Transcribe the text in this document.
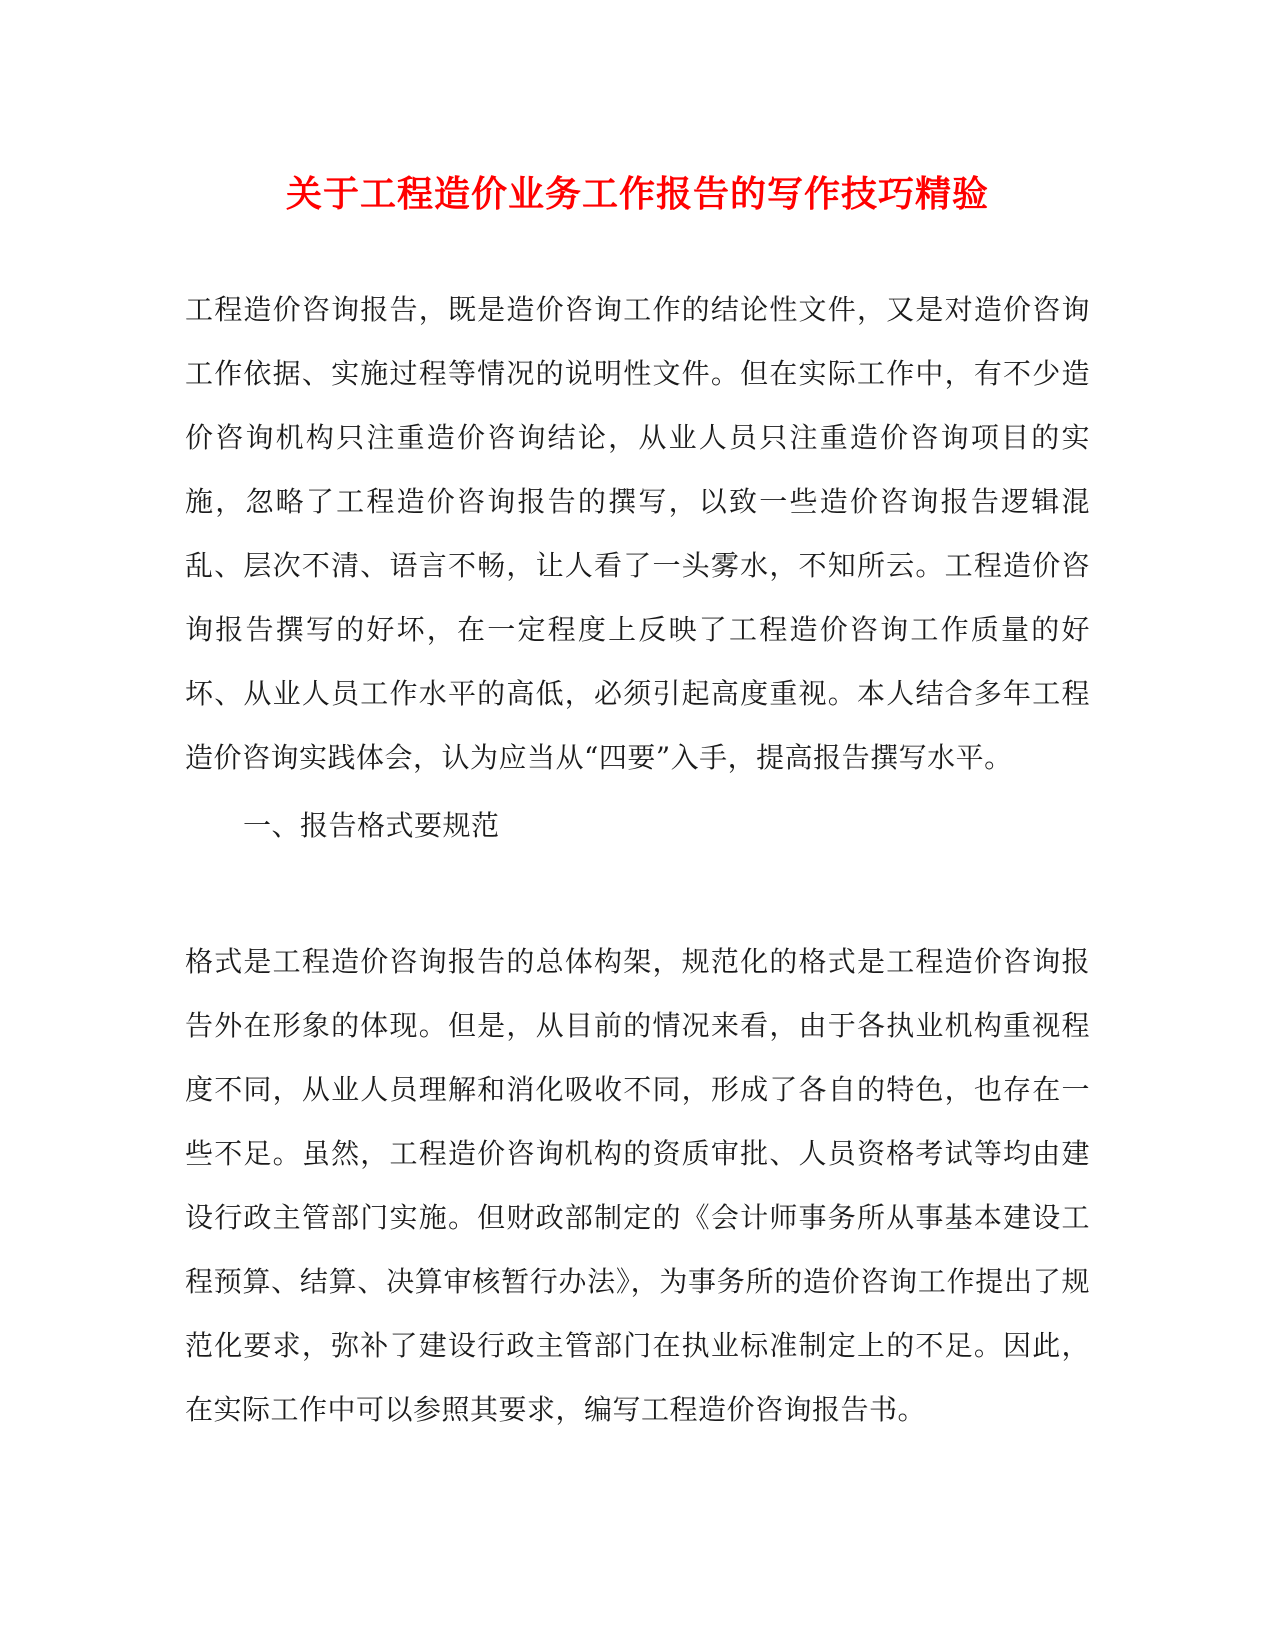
关于工程造价业务工作报告的写作技巧精验

工程造价咨询报告，既是造价咨询工作的结论性文件，又是对造价咨询工作依据、实施过程等情况的说明性文件。但在实际工作中，有不少造价咨询机构只注重造价咨询结论，从业人员只注重造价咨询项目的实施，忽略了工程造价咨询报告的撰写，以致一些造价咨询报告逻辑混乱、层次不清、语言不畅，让人看了一头雾水，不知所云。工程造价咨询报告撰写的好坏，在一定程度上反映了工程造价咨询工作质量的好坏、从业人员工作水平的高低，必须引起高度重视。本人结合多年工程造价咨询实践体会，认为应当从“四要”入手，提高报告撰写水平。

一、报告格式要规范

格式是工程造价咨询报告的总体构架，规范化的格式是工程造价咨询报告外在形象的体现。但是，从目前的情况来看，由于各执业机构重视程度不同，从业人员理解和消化吸收不同，形成了各自的特色，也存在一些不足。虽然，工程造价咨询机构的资质审批、人员资格考试等均由建设行政主管部门实施。但财政部制定的《会计师事务所从事基本建设工程预算、结算、决算审核暂行办法》，为事务所的造价咨询工作提出了规范化要求，弥补了建设行政主管部门在执业标准制定上的不足。因此，在实际工作中可以参照其要求，编写工程造价咨询报告书。
